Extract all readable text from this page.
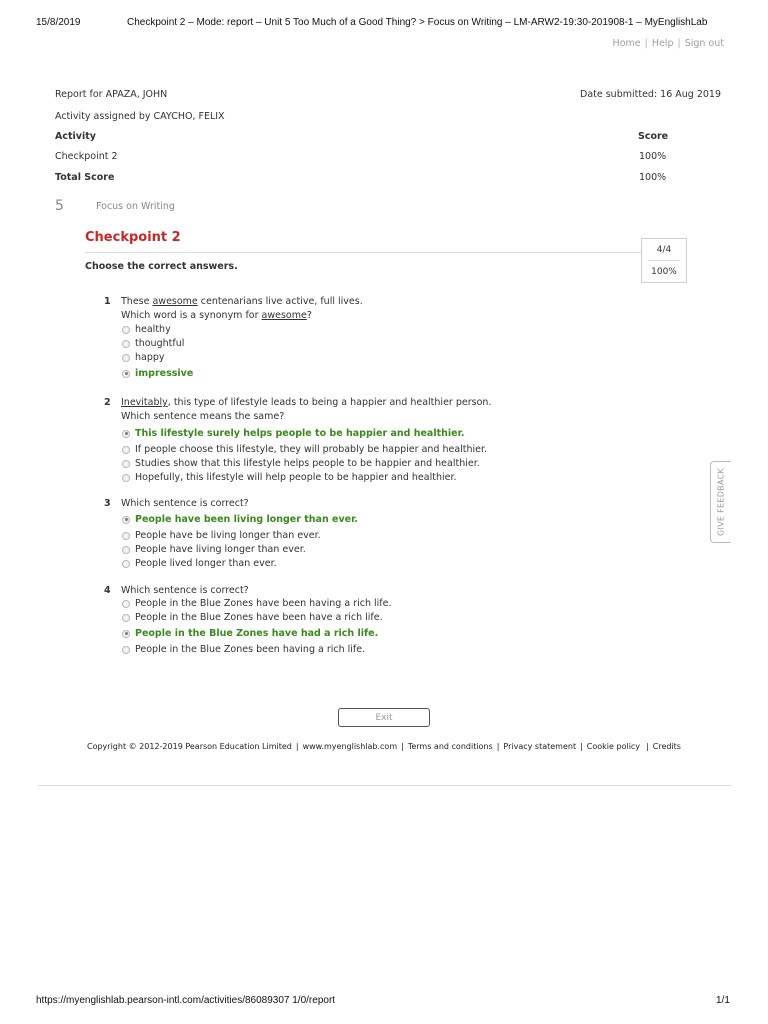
15/8/2019	Checkpoint 2 – Mode: report – Unit 5 Too Much of a Good Thing? > Focus on Writing – LM-ARW2-19:30-201908-1 – MyEnglishLab
Home | Help | Sign out
Report for APAZA, JOHN	Date submitted: 16 Aug 2019
Activity assigned by CAYCHO, FELIX
Activity	Score
Checkpoint 2	100%
Total Score	100%
5	Focus on Writing
Checkpoint 2
4/4
100%
Choose the correct answers.
1 These awesome centenarians live active, full lives.
Which word is a synonym for awesome?
healthy
thoughtful
happy
impressive
2 Inevitably, this type of lifestyle leads to being a happier and healthier person.
Which sentence means the same?
This lifestyle surely helps people to be happier and healthier.
If people choose this lifestyle, they will probably be happier and healthier.
Studies show that this lifestyle helps people to be happier and healthier.
Hopefully, this lifestyle will help people to be happier and healthier.
3 Which sentence is correct?
People have been living longer than ever.
People have be living longer than ever.
People have living longer than ever.
People lived longer than ever.
4 Which sentence is correct?
People in the Blue Zones have been having a rich life.
People in the Blue Zones have been have a rich life.
People in the Blue Zones have had a rich life.
People in the Blue Zones been having a rich life.
Exit
Copyright © 2012-2019 Pearson Education Limited | www.myenglishlab.com | Terms and conditions | Privacy statement | Cookie policy | Credits
GIVE FEEDBACK
https://myenglishlab.pearson-intl.com/activities/86089307 1/0/report	1/1
